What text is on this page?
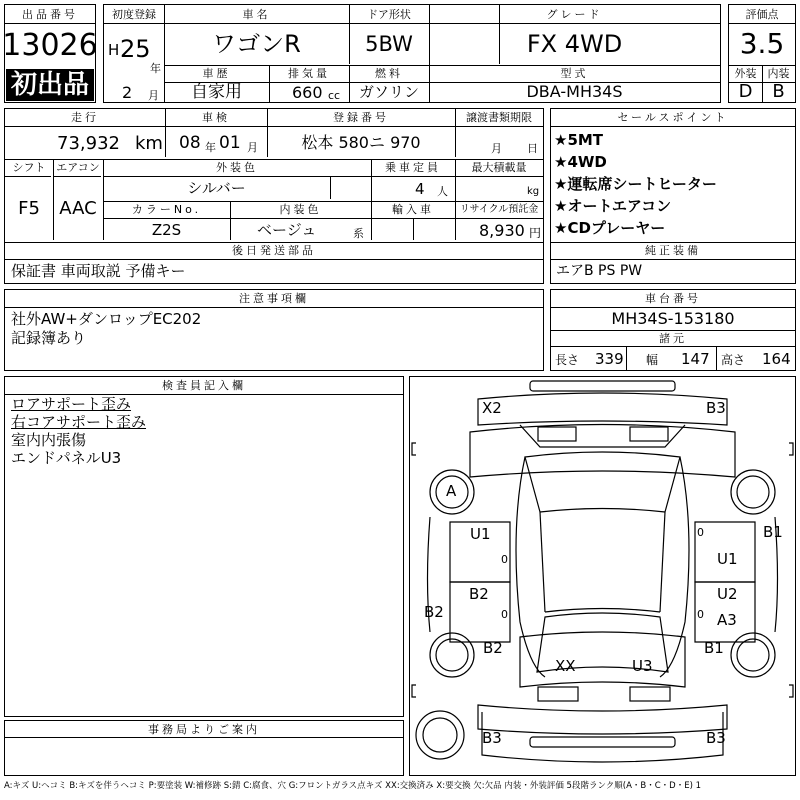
出品番号
13026
初出品
初度登録
H 25
年
2 月
車名
ワゴンR
ドア形状
5BW
グレード
FX 4WD
車歴
自家用
排気量
660 cc
燃料
ガソリン
型式
DBA-MH34S
評価点
3.5
外装	内装
D	B
走行
73,932 km
車検
08 年 01 月
登録番号
松本 580ニ 970
譲渡書類期限
月 日
シフト
F5
エアコン
AAC
外装色
シルバー
乗車定員
4 人
最大積載量
kg
カラーNo.
Z2S
内装色
ベージュ	系
輸入車	リサイクル預託金
8,930 円
後日発送部品
保証書 車両取説 予備キー
セールスポイント
★5MT
★4WD
★運転席シートヒーター
★オートエアコン
★CDプレーヤー
純正装備
エアB PS PW
注意事項欄
社外AW+ダンロップEC202
記録簿あり
車台番号
MH34S-153180
諸元
長さ 339 幅 147 高さ 164
検査員記入欄
ロアサポート歪み
右コアサポート歪み
室内内張傷
エンドパネルU3
事務局よりご案内
X2	B3
A
U1	B1
U1
B2	U2
B2	A3
B2	B1
XX	U3
B3	B3
0
0
0	0
A:キズ U:ヘコミ B:キズを伴うヘコミ P:要塗装 W:補修跡 S:錆 C:腐食、穴 G:フロントガラス点キズ XX:交換済み X:要交換 欠:欠品 内装・外装評価 5段階ランク順(A・B・C・D・E) 1
